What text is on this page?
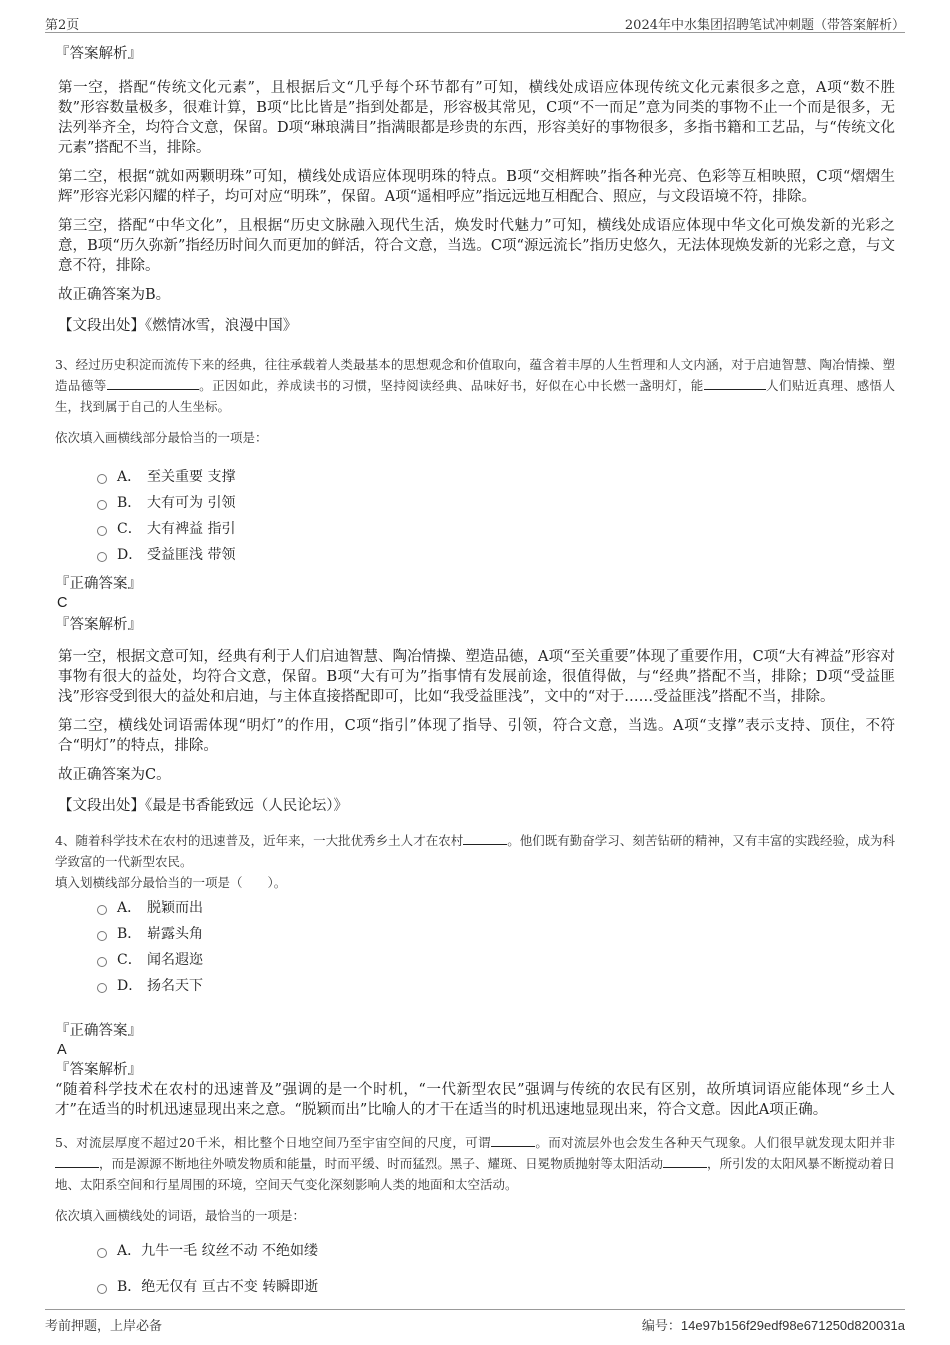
第2页	2024年中水集团招聘笔试冲刺题（带答案解析）

『答案解析』

第一空，搭配“传统文化元素”，且根据后文“几乎每个环节都有”可知，横线处成语应体现传统文化元素很多之意，A项“数不胜数”形容数量极多，很难计算，B项“比比皆是”指到处都是，形容极其常见，C项“不一而足”意为同类的事物不止一个而是很多，无法列举齐全，均符合文意，保留。D项“琳琅满目”指满眼都是珍贵的东西，形容美好的事物很多，多指书籍和工艺品，与“传统文化元素”搭配不当，排除。

第二空，根据“就如两颗明珠”可知，横线处成语应体现明珠的特点。B项“交相辉映”指各种光亮、色彩等互相映照，C项“熠熠生辉”形容光彩闪耀的样子，均可对应“明珠”，保留。A项“遥相呼应”指远远地互相配合、照应，与文段语境不符，排除。

第三空，搭配“中华文化”，且根据“历史文脉融入现代生活，焕发时代魅力”可知，横线处成语应体现中华文化可焕发新的光彩之意，B项“历久弥新”指经历时间久而更加的鲜活，符合文意，当选。C项“源远流长”指历史悠久，无法体现焕发新的光彩之意，与文意不符，排除。

故正确答案为B。

【文段出处】《燃情冰雪，浪漫中国》

3、经过历史积淀而流传下来的经典，往往承载着人类最基本的思想观念和价值取向，蕴含着丰厚的人生哲理和人文内涵，对于启迪智慧、陶冶情操、塑造品德等	。正因如此，养成读书的习惯，坚持阅读经典、品味好书，好似在心中长燃一盏明灯，能	人们贴近真理、感悟人生，找到属于自己的人生坐标。

依次填入画横线部分最恰当的一项是：

A． 至关重要 支撑
B． 大有可为 引领
C． 大有裨益 指引
D． 受益匪浅 带领

『正确答案』

C

『答案解析』

第一空，根据文意可知，经典有利于人们启迪智慧、陶冶情操、塑造品德，A项“至关重要”体现了重要作用，C项“大有裨益”形容对事物有很大的益处，均符合文意，保留。B项“大有可为”指事情有发展前途，很值得做，与“经典”搭配不当，排除；D项“受益匪浅”形容受到很大的益处和启迪，与主体直接搭配即可，比如“我受益匪浅”，文中的“对于……受益匪浅”搭配不当，排除。

第二空，横线处词语需体现“明灯”的作用，C项“指引”体现了指导、引领，符合文意，当选。A项“支撑”表示支持、顶住，不符合“明灯”的特点，排除。

故正确答案为C。

【文段出处】《最是书香能致远（人民论坛）》

4、随着科学技术在农村的迅速普及，近年来，一大批优秀乡土人才在农村	。他们既有勤奋学习、刻苦钻研的精神，又有丰富的实践经验，成为科学致富的一代新型农民。

填入划横线部分最恰当的一项是（　　）。

A． 脱颖而出
B． 崭露头角
C． 闻名遐迩
D． 扬名天下

『正确答案』

A

『答案解析』

“随着科学技术在农村的迅速普及”强调的是一个时机，“一代新型农民”强调与传统的农民有区别，故所填词语应能体现“乡土人才”在适当的时机迅速显现出来之意。“脱颖而出”比喻人的才干在适当的时机迅速地显现出来，符合文意。因此A项正确。

5、对流层厚度不超过20千米，相比整个日地空间乃至宇宙空间的尺度，可谓	。而对流层外也会发生各种天气现象。人们很早就发现太阳并非，而是源源不断地往外喷发物质和能量，时而平缓、时而猛烈。黑子、耀斑、日冕物质抛射等太阳活动	，所引发的太阳风暴不断搅动着日地、太阳系空间和行星周围的环境，空间天气变化深刻影响人类的地面和太空活动。

依次填入画横线处的词语，最恰当的一项是：

A． 九牛一毛 纹丝不动 不绝如缕
B． 绝无仅有 亘古不变 转瞬即逝
考前押题，上岸必备	编号：14e97b156f29edf98e671250d820031a
